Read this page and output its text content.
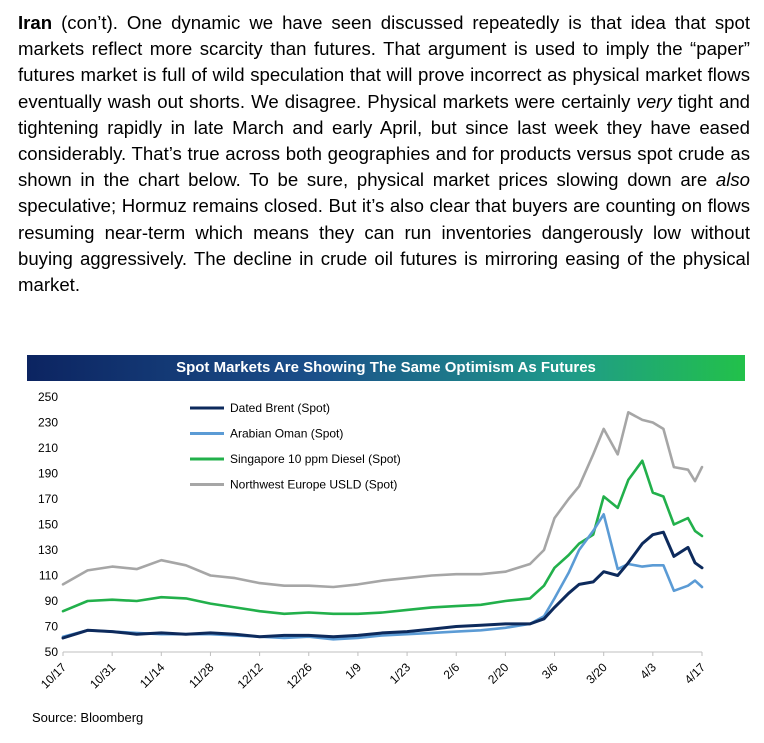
Iran (con’t). One dynamic we have seen discussed repeatedly is that idea that spot markets reflect more scarcity than futures. That argument is used to imply the “paper” futures market is full of wild speculation that will prove incorrect as physical market flows eventually wash out shorts. We disagree. Physical markets were certainly very tight and tightening rapidly in late March and early April, but since last week they have eased considerably. That’s true across both geographies and for products versus spot crude as shown in the chart below. To be sure, physical market prices slowing down are also speculative; Hormuz remains closed. But it’s also clear that buyers are counting on flows resuming near-term which means they can run inventories dangerously low without buying aggressively. The decline in crude oil futures is mirroring easing of the physical market.

Spot Markets Are Showing The Same Optimism As Futures
50
70
90
110
130
150
170
190
210
230
250
10/17 10/31 11/14 11/28 12/12 12/26 1/9 1/23 2/6 2/20 3/6 3/20 4/3 4/17
Dated Brent (Spot)
Arabian Oman (Spot)
Singapore 10 ppm Diesel (Spot)
Northwest Europe USLD (Spot)
Source: Bloomberg
